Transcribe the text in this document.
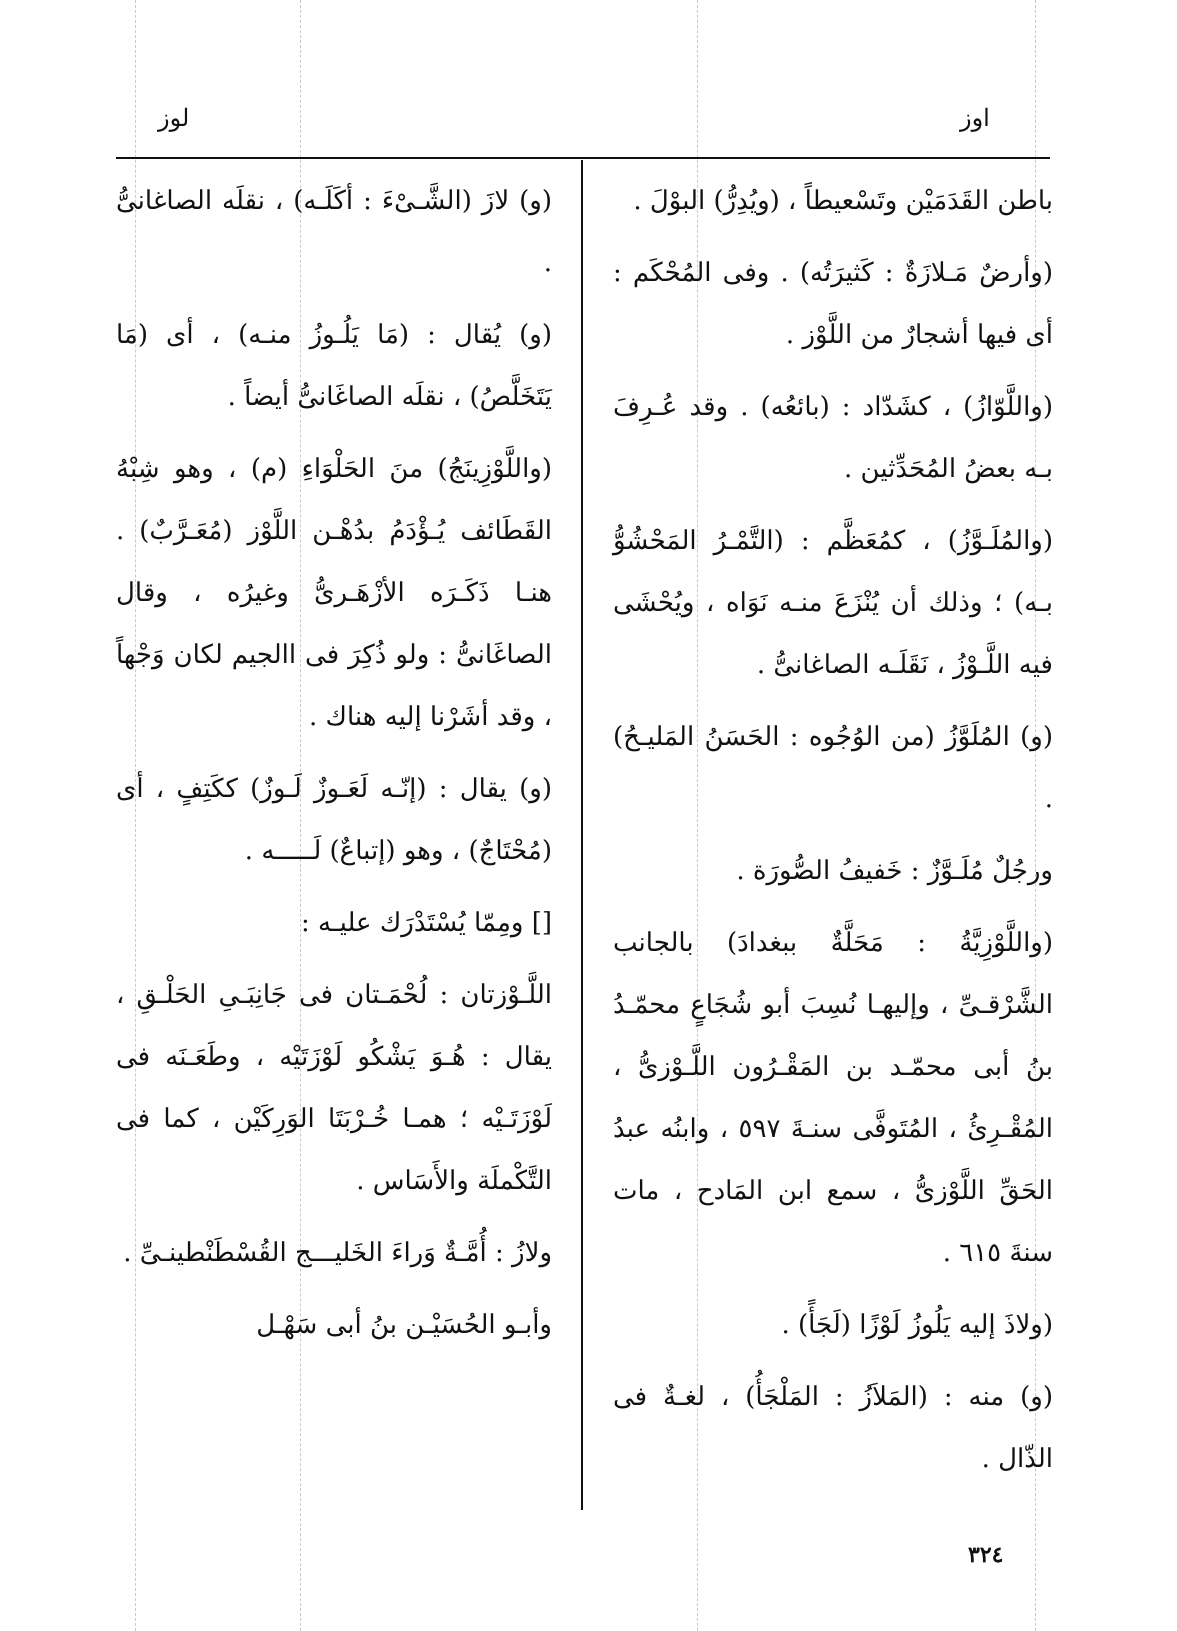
اوز
لوز

باطن القَدَمَيْن وتَسْعيطاً ، (ويُدِرُّ) البوْلَ .

(وأرضٌ مَـلازَةٌ : كَثيرَتُه) . وفى المُحْكَم : أى فيها أشجارٌ من اللَّوْز .

(واللَّوّازُ) ، كشَدّاد : (بائعُه) . وقد عُـرِفَ بـه بعضُ المُحَدِّثين .

(والمُلَـوَّزُ) ، كمُعَظَّم : (التَّمْـرُ المَحْشُوُّ بـه) ؛ وذلك أن يُنْزَعَ منـه نَوَاه ، ويُحْشَى فيه اللَّـوْزُ ، نَقَلَـه الصاغانىُّ .

(و) المُلَوَّزُ (من الوُجُوه : الحَسَنُ المَليـحُ) .

ورجُلٌ مُلَـوَّزٌ : خَفيفُ الصُّورَة .

(واللَّوْزِيَّةُ : مَحَلَّةٌ ببغدادَ) بالجانب الشَّرْقـىِّ ، وإليهـا نُسِبَ أبو شُجَاعٍ محمّـدُ بنُ أبى محمّـد بن المَقْـرُون اللَّـوْزىُّ ، المُقْـرِئُ ، المُتَوفَّى سنـةَ ٥٩٧ ، وابنُه عبدُ الحَقِّ اللَّوْزىُّ ، سمع ابن المَادح ، مات سنةَ ٦١٥ .

(ولاذَ إليه يَلُوزُ لَوْزًا (لَجَأً) .

(و) منه : (المَلاَزُ : المَلْجَأُ) ، لغـةٌ فى الذّال .

(و) لازَ (الشَّـىْءَ : أكَلَـه) ، نقلَه الصاغانىُّ .

(و) يُقال : (مَا يَلُـوزُ منـه) ، أى (مَا يَتَخَلَّصُ) ، نقلَه الصاغَانىُّ أيضاً .

(واللَّوْزِينَجُ) منَ الحَلْوَاءِ (م) ، وهو شِبْهُ القَطَائف يُـؤْدَمُ بدُهْـن اللَّوْز (مُعَـرَّبٌ) . هنـا ذَكَـرَه الأزْهَـرىُّ وغيرُه ، وقال الصاغَانىُّ : ولو ذُكِرَ فى االجيم لكان وَجْهاً ، وقد أشَرْنا إليه هناك .

(و) يقال : (إنّـه لَعَـوزٌ لَـوزٌ) ككَتِفٍ ، أى (مُحْتَاجٌ) ، وهو (إتباعٌ) لَـــــه .

[] ومِمّا يُسْتَدْرَك عليـه :

اللَّـوْزتان : لُحْمَـتان فى جَانِبَـىِ الحَلْـقِ ، يقال : هُـوَ يَشْكُو لَوْزَتَيْه ، وطَعَـنَه فى لَوْزَتَـيْه ؛ همـا خُـرْبَتَا الوَرِكَيْن ، كما فى التَّكْملَة والأَسَاس .

ولازُ : أُمَّـةٌ وَراءَ الخَليـــج القُسْطَنْطينـىِّ .

وأبـو الحُسَيْـن بنُ أبى سَهْـل

٣٢٤
